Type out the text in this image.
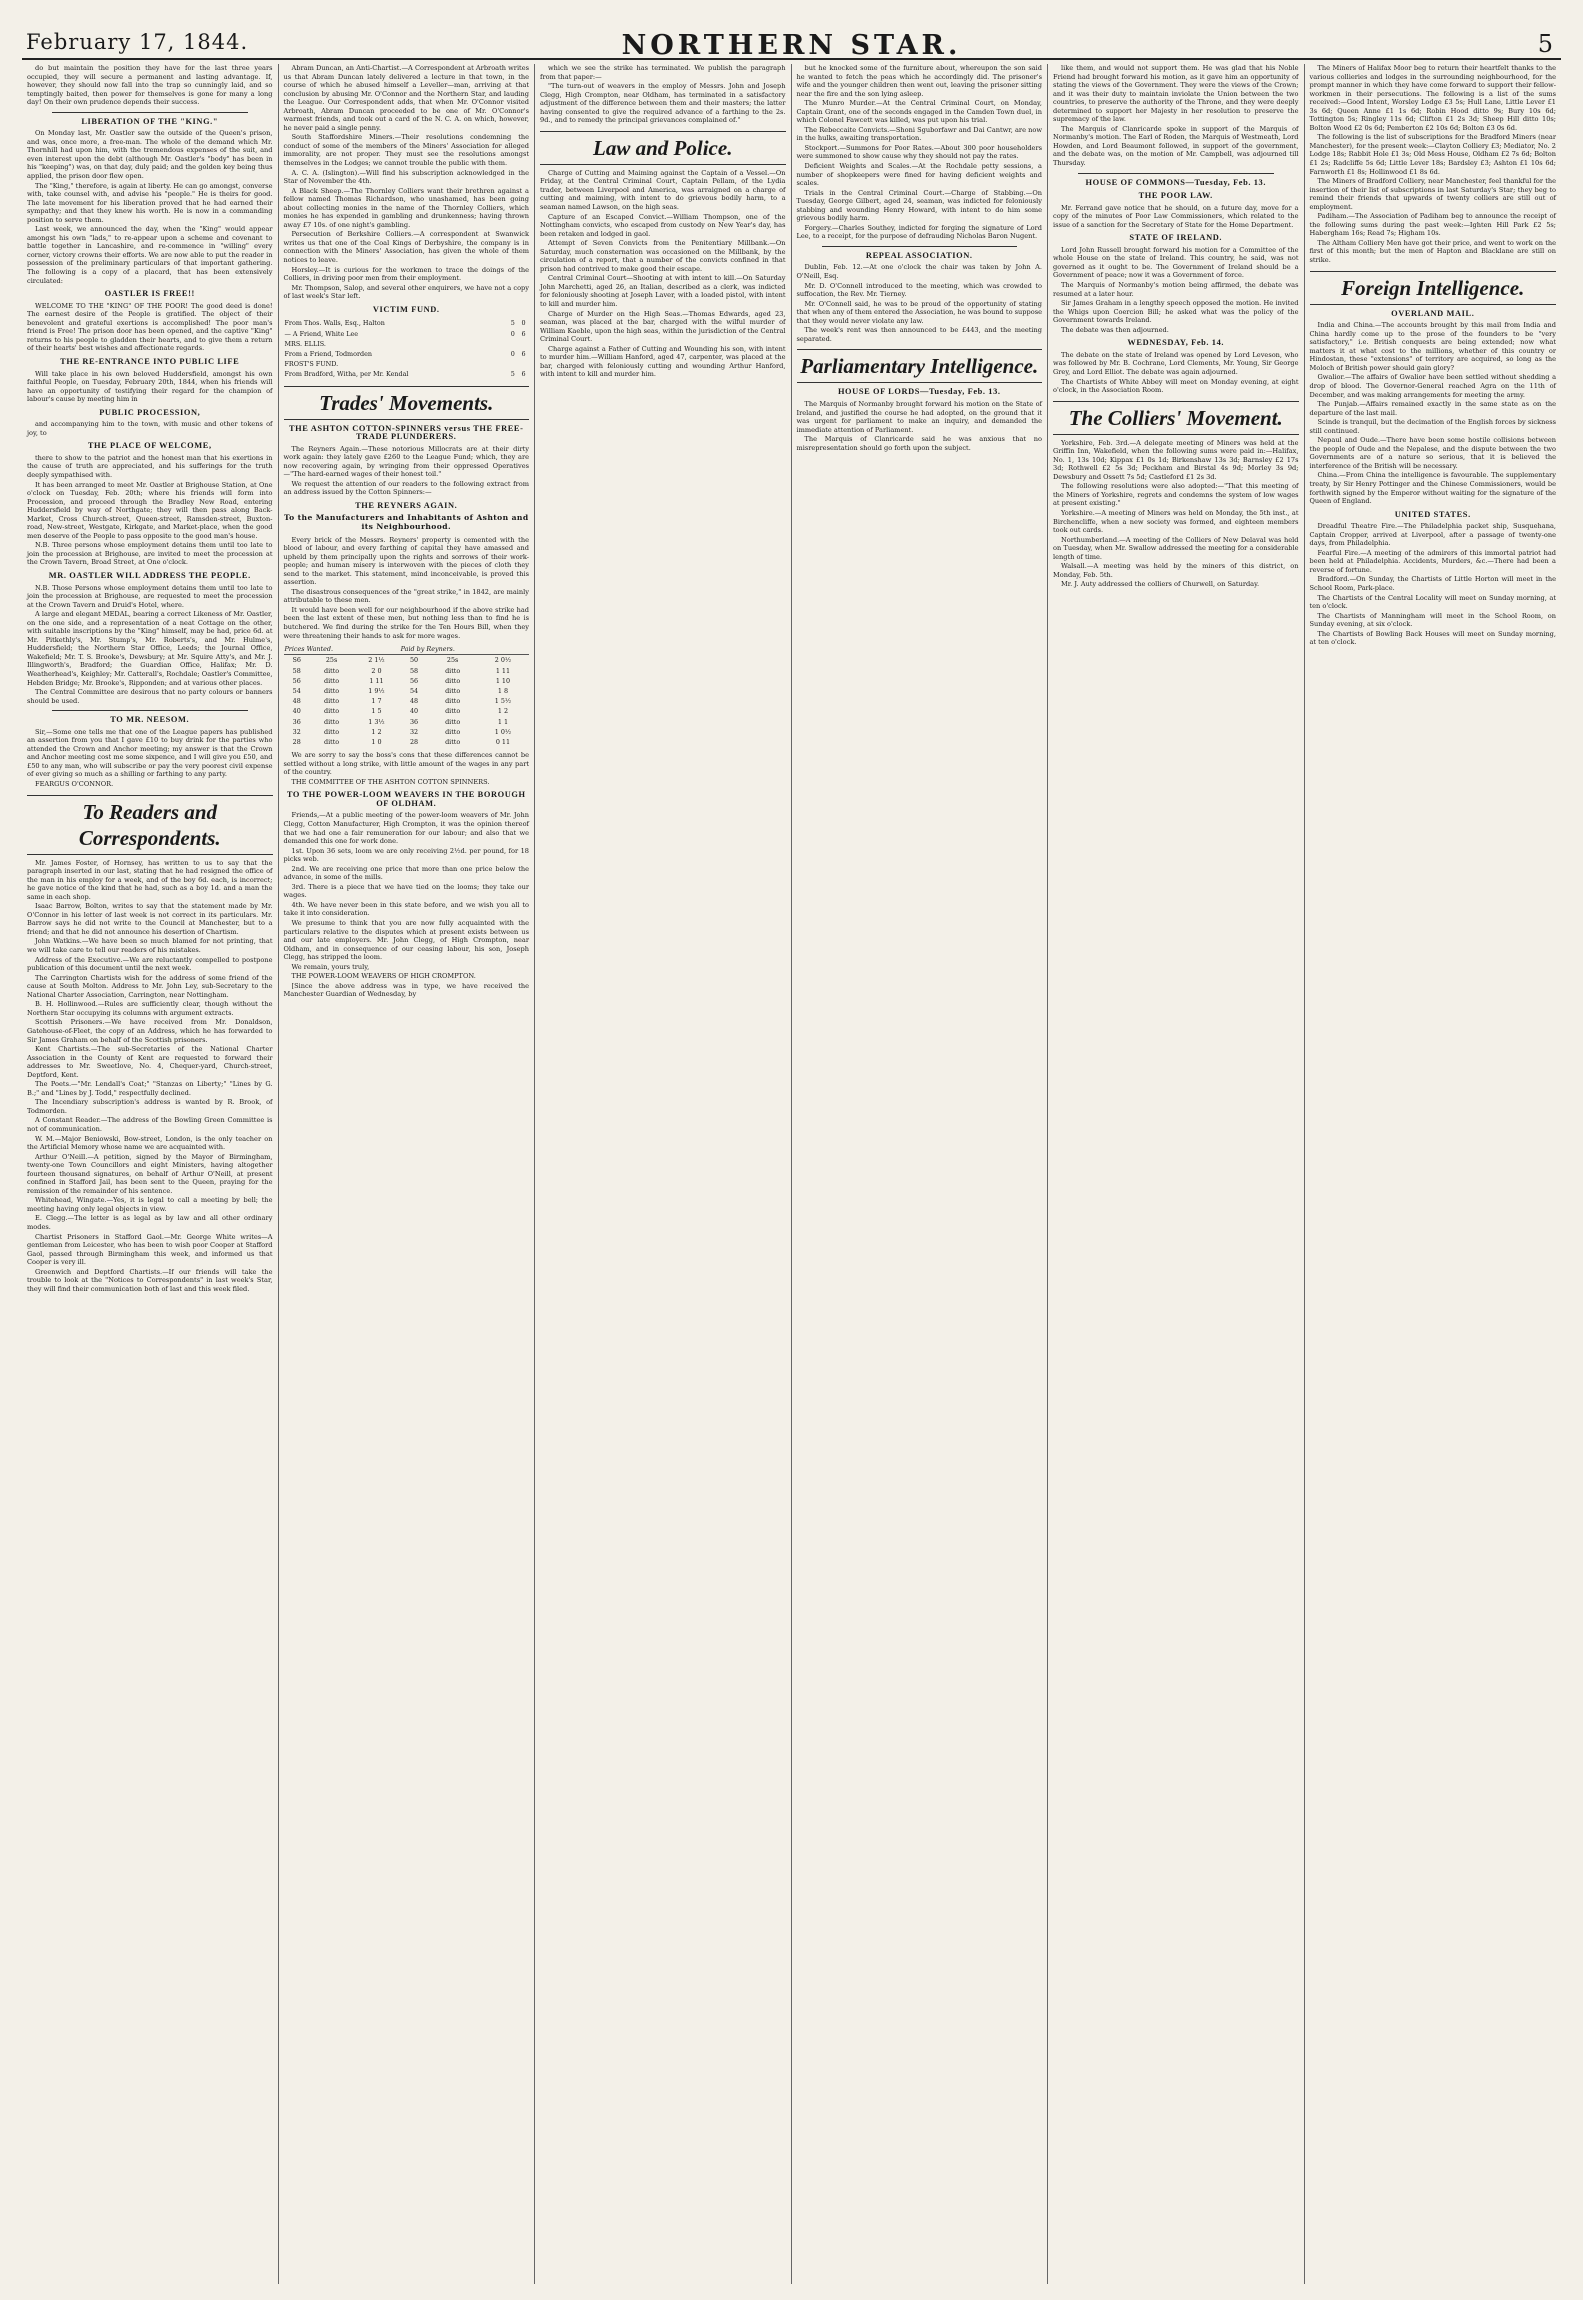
February 17, 1844.	NORTHERN STAR.	5

do but maintain the position they have for the last three years occupied, they will secure a permanent and lasting advantage. If, however, they should now fall into the trap so cunningly laid, and so temptingly baited, then power for themselves is gone for many a long day! On their own prudence depends their success.

LIBERATION OF THE "KING."

On Monday last, Mr. Oastler saw the outside of the Queen's prison, and was, once more, a free-man. The whole of the demand which Mr. Thornhill had upon him, with the tremendous expenses of the suit, and even interest upon the debt (although Mr. Oastler's "body" has been in his "keeping") was, on that day, duly paid; and the golden key being thus applied, the prison door flew open.

The "King," therefore, is again at liberty. He can go amongst, converse with, take counsel with, and advise his "people." He is theirs for good. The late movement for his liberation proved that he had earned their sympathy; and that they knew his worth. He is now in a commanding position to serve them.

Last week, we announced the day, when the "King" would appear amongst his own "lads," to re-appear upon a scheme and covenant to battle together in Lancashire, and re-commence in "willing" every corner, victory crowns their efforts. We are now able to put the reader in possession of the preliminary particulars of that important gathering. The following is a copy of a placard, that has been extensively circulated:

OASTLER IS FREE!!

WELCOME TO THE "KING" OF THE POOR! The good deed is done! The earnest desire of the People is gratified. The object of their benevolent and grateful exertions is accomplished! The poor man's friend is Free! The prison door has been opened, and the captive "King" returns to his people to gladden their hearts, and to give them a return of their hearts' best wishes and affectionate regards.

THE RE-ENTRANCE INTO PUBLIC LIFE

Will take place in his own beloved Huddersfield, amongst his own faithful People, on Tuesday, February 20th, 1844, when his friends will have an opportunity of testifying their regard for the champion of labour's cause by meeting him in

PUBLIC PROCESSION,

and accompanying him to the town, with music and other tokens of joy, to

THE PLACE OF WELCOME,

there to show to the patriot and the honest man that his exertions in the cause of truth are appreciated, and his sufferings for the truth deeply sympathised with.

It has been arranged to meet Mr. Oastler at Brighouse Station, at One o'clock on Tuesday, Feb. 20th; where his friends will form into Procession, and proceed through the Bradley New Road, entering Huddersfield by way of Northgate; they will then pass along Back-Market, Cross Church-street, Queen-street, Ramsden-street, Buxton-road, New-street, Westgate, Kirkgate, and Market-place, when the good men deserve of the People to pass opposite to the good man's house.

N.B. Three persons whose employment detains them until too late to join the procession at Brighouse, are invited to meet the procession at the Crown Tavern, Broad Street, at One o'clock.

MR. OASTLER WILL ADDRESS THE PEOPLE.

N.B. Those Persons whose employment detains them until too late to join the procession at Brighouse, are requested to meet the procession at the Crown Tavern and Druid's Hotel, where.

A large and elegant MEDAL, bearing a correct Likeness of Mr. Oastler, on the one side, and a representation of a neat Cottage on the other, with suitable inscriptions by the "King" himself, may be had, price 6d. at Mr. Pitkethly's, Mr. Stump's, Mr. Roberts's, and Mr. Hulme's, Huddersfield; the Northern Star Office, Leeds; the Journal Office, Wakefield; Mr. T. S. Brooke's, Dewsbury; at Mr. Squire Atty's, and Mr. J. Illingworth's, Bradford; the Guardian Office, Halifax; Mr. D. Weatherhead's, Keighley; Mr. Catterall's, Rochdale; Oastler's Committee, Hebden Bridge; Mr. Brooke's, Ripponden; and at various other places.

The Central Committee are desirous that no party colours or banners should be used.

TO MR. NEESOM.

Sir,—Some one tells me that one of the League papers has published an assertion from you that I gave £10 to buy drink for the parties who attended the Crown and Anchor meeting; my answer is that the Crown and Anchor meeting cost me some sixpence, and I will give you £50, and £50 to any man, who will subscribe or pay the very poorest civil expense of ever giving so much as a shilling or farthing to any party.

FEARGUS O'CONNOR.

To Readers and Correspondents.

Mr. James Foster, of Hornsey, has written to us to say that the paragraph inserted in our last, stating that he had resigned the office of the man in his employ for a week, and of the boy 6d. each, is incorrect; he gave notice of the kind that he had, such as a boy 1d. and a man the same in each shop.

Isaac Barrow, Bolton, writes to say that the statement made by Mr. O'Connor in his letter of last week is not correct in its particulars. Mr. Barrow says he did not write to the Council at Manchester, but to a friend; and that he did not announce his desertion of Chartism.

John Watkins.—We have been so much blamed for not printing, that we will take care to tell our readers of his mistakes.

Address of the Executive.—We are reluctantly compelled to postpone publication of this document until the next week.

The Carrington Chartists wish for the address of some friend of the cause at South Molton. Address to Mr. John Ley, sub-Secretary to the National Charter Association, Carrington, near Nottingham.

B. H. Hollinwood.—Rules are sufficiently clear, though without the Northern Star occupying its columns with argument extracts.

Scottish Prisoners.—We have received from Mr. Donaldson, Gatehouse-of-Fleet, the copy of an Address, which he has forwarded to Sir James Graham on behalf of the Scottish prisoners.

Kent Chartists.—The sub-Secretaries of the National Charter Association in the County of Kent are requested to forward their addresses to Mr. Sweetlove, No. 4, Chequer-yard, Church-street, Deptford, Kent.

The Poets.—"Mr. Lendall's Coat;" "Stanzas on Liberty;" "Lines by G. B.;" and "Lines by J. Todd," respectfully declined.

The Incendiary subscription's address is wanted by R. Brook, of Todmorden.

A Constant Reader.—The address of the Bowling Green Committee is not of communication.

W. M.—Major Beniowski, Bow-street, London, is the only teacher on the Artificial Memory whose name we are acquainted with.

Arthur O'Neill.—A petition, signed by the Mayor of Birmingham, twenty-one Town Councillors and eight Ministers, having altogether fourteen thousand signatures, on behalf of Arthur O'Neill, at present confined in Stafford Jail, has been sent to the Queen, praying for the remission of the remainder of his sentence.

Whitehead, Wingate.—Yes, it is legal to call a meeting by bell; the meeting having only legal objects in view.

E. Clegg.—The letter is as legal as by law and all other ordinary modes.

Chartist Prisoners in Stafford Gaol.—Mr. George White writes—A gentleman from Leicester, who has been to wish poor Cooper at Stafford Gaol, passed through Birmingham this week, and informed us that Cooper is very ill.

Greenwich and Deptford Chartists.—If our friends will take the trouble to look at the "Notices to Correspondents" in last week's Star, they will find their communication both of last and this week filed.

Abram Duncan, an Anti-Chartist.—A Correspondent at Arbroath writes us that Abram Duncan lately delivered a lecture in that town, in the course of which he abused himself a Leveller—man, arriving at that conclusion by abusing Mr. O'Connor and the Northern Star, and lauding the League. Our Correspondent adds, that when Mr. O'Connor visited Arbroath, Abram Duncan proceeded to be one of Mr. O'Connor's warmest friends, and took out a card of the N. C. A. on which, however, he never paid a single penny.

South Staffordshire Miners.—Their resolutions condemning the conduct of some of the members of the Miners' Association for alleged immorality, are not proper. They must see the resolutions amongst themselves in the Lodges; we cannot trouble the public with them.

A. C. A. (Islington).—Will find his subscription acknowledged in the Star of November the 4th.

A Black Sheep.—The Thornley Colliers want their brethren against a fellow named Thomas Richardson, who unashamed, has been going about collecting monies in the name of the Thornley Colliers, which monies he has expended in gambling and drunkenness; having thrown away £7 10s. of one night's gambling.

Persecution of Berkshire Colliers.—A correspondent at Swanwick writes us that one of the Coal Kings of Derbyshire, the company is in connection with the Miners' Association, has given the whole of them notices to leave.

Horsley.—It is curious for the workmen to trace the doings of the Colliers, in driving poor men from their employment.

Mr. Thompson, Salop, and several other enquirers, we have not a copy of last week's Star left.

VICTIM FUND.
From Thos. Walls, Esq., Halton	5	0
— A Friend, White Lee	0	6
MRS. ELLIS.		
From a Friend, Todmorden	0	6
FROST'S FUND.		
From Bradford, Witha, per Mr. Kendal	5	6
Trades' Movements.
THE ASHTON COTTON-SPINNERS versus THE FREE-TRADE PLUNDERERS.

The Reyners Again.—These notorious Millocrats are at their dirty work again: they lately gave £260 to the League Fund; which, they are now recovering again, by wringing from their oppressed Operatives—"The hard-earned wages of their honest toil."

We request the attention of our readers to the following extract from an address issued by the Cotton Spinners:—

THE REYNERS AGAIN.
To the Manufacturers and Inhabitants of Ashton and its Neighbourhood.

Every brick of the Messrs. Reyners' property is cemented with the blood of labour, and every farthing of capital they have amassed and upheld by them principally upon the rights and sorrows of their work-people; and human misery is interwoven with the pieces of cloth they send to the market. This statement, mind inconceivable, is proved this assertion.

The disastrous consequences of the "great strike," in 1842, are mainly attributable to these men.

It would have been well for our neighbourhood if the above strike had been the last extent of these men, but nothing less than to find he is butchered. We find during the strike for the Ten Hours Bill, when they were threatening their hands to ask for more wages.

Prices Wanted.			Paid by Reyners.		
S6	25s	2 1½	50	25s	2 0½
58	ditto	2 0	58	ditto	1 11
56	ditto	1 11	56	ditto	1 10
54	ditto	1 9½	54	ditto	1 8
48	ditto	1 7	48	ditto	1 5½
40	ditto	1 5	40	ditto	1 2
36	ditto	1 3½	36	ditto	1 1
32	ditto	1 2	32	ditto	1 0½
28	ditto	1 0	28	ditto	0 11

We are sorry to say the boss's cons that these differences cannot be settled without a long strike, with little amount of the wages in any part of the country.

THE COMMITTEE OF THE ASHTON COTTON SPINNERS.

TO THE POWER-LOOM WEAVERS IN THE BOROUGH OF OLDHAM.

Friends,—At a public meeting of the power-loom weavers of Mr. John Clegg, Cotton Manufacturer, High Crompton, it was the opinion thereof that we had one a fair remuneration for our labour; and also that we demanded this one for work done.

1st. Upon 36 sets, loom we are only receiving 2½d. per pound, for 18 picks web.

2nd. We are receiving one price that more than one price below the advance, in some of the mills.

3rd. There is a piece that we have tied on the looms; they take our wages.

4th. We have never been in this state before, and we wish you all to take it into consideration.

We presume to think that you are now fully acquainted with the particulars relative to the disputes which at present exists between us and our late employers. Mr. John Clegg, of High Crompton, near Oldham, and in consequence of our ceasing labour, his son, Joseph Clegg, has stripped the loom.

We remain, yours truly,

THE POWER-LOOM WEAVERS OF HIGH CROMPTON.

[Since the above address was in type, we have received the Manchester Guardian of Wednesday, by

which we see the strike has terminated. We publish the paragraph from that paper:—

"The turn-out of weavers in the employ of Messrs. John and Joseph Clegg, High Crompton, near Oldham, has terminated in a satisfactory adjustment of the difference between them and their masters; the latter having consented to give the required advance of a farthing to the 2s. 9d., and to remedy the principal grievances complained of."

Law and Police.

Charge of Cutting and Maiming against the Captain of a Vessel.—On Friday, at the Central Criminal Court, Captain Pellam, of the Lydia trader, between Liverpool and America, was arraigned on a charge of cutting and maiming, with intent to do grievous bodily harm, to a seaman named Lawson, on the high seas.

Capture of an Escaped Convict.—William Thompson, one of the Nottingham convicts, who escaped from custody on New Year's day, has been retaken and lodged in gaol.

Attempt of Seven Convicts from the Penitentiary Millbank.—On Saturday, much consternation was occasioned on the Millbank, by the circulation of a report, that a number of the convicts confined in that prison had contrived to make good their escape.

Central Criminal Court—Shooting at with intent to kill.—On Saturday John Marchetti, aged 26, an Italian, described as a clerk, was indicted for feloniously shooting at Joseph Laver, with a loaded pistol, with intent to kill and murder him.

Charge of Murder on the High Seas.—Thomas Edwards, aged 23, seaman, was placed at the bar, charged with the wilful murder of William Kaeble, upon the high seas, within the jurisdiction of the Central Criminal Court.

Charge against a Father of Cutting and Wounding his son, with intent to murder him.—William Hanford, aged 47, carpenter, was placed at the bar, charged with feloniously cutting and wounding Arthur Hanford, with intent to kill and murder him.

but he knocked some of the furniture about, whereupon the son said he wanted to fetch the peas which he accordingly did. The prisoner's wife and the younger children then went out, leaving the prisoner sitting near the fire and the son lying asleep.

The Munro Murder.—At the Central Criminal Court, on Monday, Captain Grant, one of the seconds engaged in the Camden Town duel, in which Colonel Fawcett was killed, was put upon his trial.

The Rebeccaite Convicts.—Shoni Sguborfawr and Dai Cantwr, are now in the hulks, awaiting transportation.

Stockport.—Summons for Poor Rates.—About 300 poor householders were summoned to show cause why they should not pay the rates.

Deficient Weights and Scales.—At the Rochdale petty sessions, a number of shopkeepers were fined for having deficient weights and scales.

Trials in the Central Criminal Court.—Charge of Stabbing.—On Tuesday, George Gilbert, aged 24, seaman, was indicted for feloniously stabbing and wounding Henry Howard, with intent to do him some grievous bodily harm.

Forgery.—Charles Southey, indicted for forging the signature of Lord Lee, to a receipt, for the purpose of defrauding Nicholas Baron Nugent.

REPEAL ASSOCIATION.

Dublin, Feb. 12.—At one o'clock the chair was taken by John A. O'Neill, Esq.

Mr. D. O'Connell introduced to the meeting, which was crowded to suffocation, the Rev. Mr. Tierney.

Mr. O'Connell said, he was to be proud of the opportunity of stating that when any of them entered the Association, he was bound to suppose that they would never violate any law.

The week's rent was then announced to be £443, and the meeting separated.

Parliamentary Intelligence.
HOUSE OF LORDS—Tuesday, Feb. 13.

The Marquis of Normanby brought forward his motion on the State of Ireland, and justified the course he had adopted, on the ground that it was urgent for parliament to make an inquiry, and demanded the immediate attention of Parliament.

The Marquis of Clanricarde said he was anxious that no misrepresentation should go forth upon the subject.

like them, and would not support them. He was glad that his Noble Friend had brought forward his motion, as it gave him an opportunity of stating the views of the Government. They were the views of the Crown; and it was their duty to maintain inviolate the Union between the two countries, to preserve the authority of the Throne, and they were deeply determined to support her Majesty in her resolution to preserve the supremacy of the law.

The Marquis of Clanricarde spoke in support of the Marquis of Normanby's motion. The Earl of Roden, the Marquis of Westmeath, Lord Howden, and Lord Beaumont followed, in support of the government, and the debate was, on the motion of Mr. Campbell, was adjourned till Thursday.

HOUSE OF COMMONS—Tuesday, Feb. 13.
THE POOR LAW.

Mr. Ferrand gave notice that he should, on a future day, move for a copy of the minutes of Poor Law Commissioners, which related to the issue of a sanction for the Secretary of State for the Home Department.

STATE OF IRELAND.

Lord John Russell brought forward his motion for a Committee of the whole House on the state of Ireland. This country, he said, was not governed as it ought to be. The Government of Ireland should be a Government of peace; now it was a Government of force.

The Marquis of Normanby's motion being affirmed, the debate was resumed at a later hour.

Sir James Graham in a lengthy speech opposed the motion. He invited the Whigs upon Coercion Bill; he asked what was the policy of the Government towards Ireland.

The debate was then adjourned.

WEDNESDAY, Feb. 14.

The debate on the state of Ireland was opened by Lord Leveson, who was followed by Mr. B. Cochrane, Lord Clements, Mr. Young, Sir George Grey, and Lord Elliot. The debate was again adjourned.

The Chartists of White Abbey will meet on Monday evening, at eight o'clock, in the Association Room.

The Colliers' Movement.

Yorkshire, Feb. 3rd.—A delegate meeting of Miners was held at the Griffin Inn, Wakefield, when the following sums were paid in:—Halifax, No. 1, 13s 10d; Kippax £1 0s 1d; Birkenshaw 13s 3d; Barnsley £2 17s 3d; Rothwell £2 5s 3d; Peckham and Birstal 4s 9d; Morley 3s 9d; Dewsbury and Ossett 7s 5d; Castleford £1 2s 3d.

The following resolutions were also adopted:—"That this meeting of the Miners of Yorkshire, regrets and condemns the system of low wages at present existing."

Yorkshire.—A meeting of Miners was held on Monday, the 5th inst., at Birchencliffe, when a new society was formed, and eighteen members took out cards.

Northumberland.—A meeting of the Colliers of New Delaval was held on Tuesday, when Mr. Swallow addressed the meeting for a considerable length of time.

Walsall.—A meeting was held by the miners of this district, on Monday, Feb. 5th.

Mr. J. Auty addressed the colliers of Churwell, on Saturday.

The Miners of Halifax Moor beg to return their heartfelt thanks to the various collieries and lodges in the surrounding neighbourhood, for the prompt manner in which they have come forward to support their fellow-workmen in their persecutions. The following is a list of the sums received:—Good Intent, Worsley Lodge £3 5s; Hull Lane, Little Lever £1 3s 6d; Queen Anne £1 1s 6d; Robin Hood ditto 9s; Bury 10s 6d; Tottington 5s; Ringley 11s 6d; Clifton £1 2s 3d; Sheep Hill ditto 10s; Bolton Wood £2 0s 6d; Pemberton £2 10s 6d; Bolton £3 0s 6d.

The following is the list of subscriptions for the Bradford Miners (near Manchester), for the present week:—Clayton Colliery £3; Mediator, No. 2 Lodge 18s; Rabbit Hole £1 3s; Old Mess House, Oldham £2 7s 6d; Bolton £1 2s; Radcliffe 5s 6d; Little Lever 18s; Bardsley £3; Ashton £1 10s 6d; Farnworth £1 8s; Hollinwood £1 8s 6d.

The Miners of Bradford Colliery, near Manchester, feel thankful for the insertion of their list of subscriptions in last Saturday's Star; they beg to remind their friends that upwards of twenty colliers are still out of employment.

Padiham.—The Association of Padiham beg to announce the receipt of the following sums during the past week:—Ighten Hill Park £2 5s; Habergham 16s; Read 7s; Higham 10s.

The Altham Colliery Men have got their price, and went to work on the first of this month; but the men of Hapton and Blacklane are still on strike.

Foreign Intelligence.
OVERLAND MAIL.

India and China.—The accounts brought by this mail from India and China hardly come up to the prose of the founders to be "very satisfactory," i.e. British conquests are being extended; now what matters it at what cost to the millions, whether of this country or Hindostan, these "extensions" of territory are acquired, so long as the Moloch of British power should gain glory?

Gwalior.—The affairs of Gwalior have been settled without shedding a drop of blood. The Governor-General reached Agra on the 11th of December, and was making arrangements for meeting the army.

The Punjab.—Affairs remained exactly in the same state as on the departure of the last mail.

Scinde is tranquil, but the decimation of the English forces by sickness still continued.

Nepaul and Oude.—There have been some hostile collisions between the people of Oude and the Nepalese, and the dispute between the two Governments are of a nature so serious, that it is believed the interference of the British will be necessary.

China.—From China the intelligence is favourable. The supplementary treaty, by Sir Henry Pottinger and the Chinese Commissioners, would be forthwith signed by the Emperor without waiting for the signature of the Queen of England.

UNITED STATES.

Dreadful Theatre Fire.—The Philadelphia packet ship, Susquehana, Captain Cropper, arrived at Liverpool, after a passage of twenty-one days, from Philadelphia.

Fearful Fire.—A meeting of the admirers of this immortal patriot had been held at Philadelphia. Accidents, Murders, &c.—There had been a reverse of fortune.

Bradford.—On Sunday, the Chartists of Little Horton will meet in the School Room, Park-place.

The Chartists of the Central Locality will meet on Sunday morning, at ten o'clock.

The Chartists of Manningham will meet in the School Room, on Sunday evening, at six o'clock.

The Chartists of Bowling Back Houses will meet on Sunday morning, at ten o'clock.
